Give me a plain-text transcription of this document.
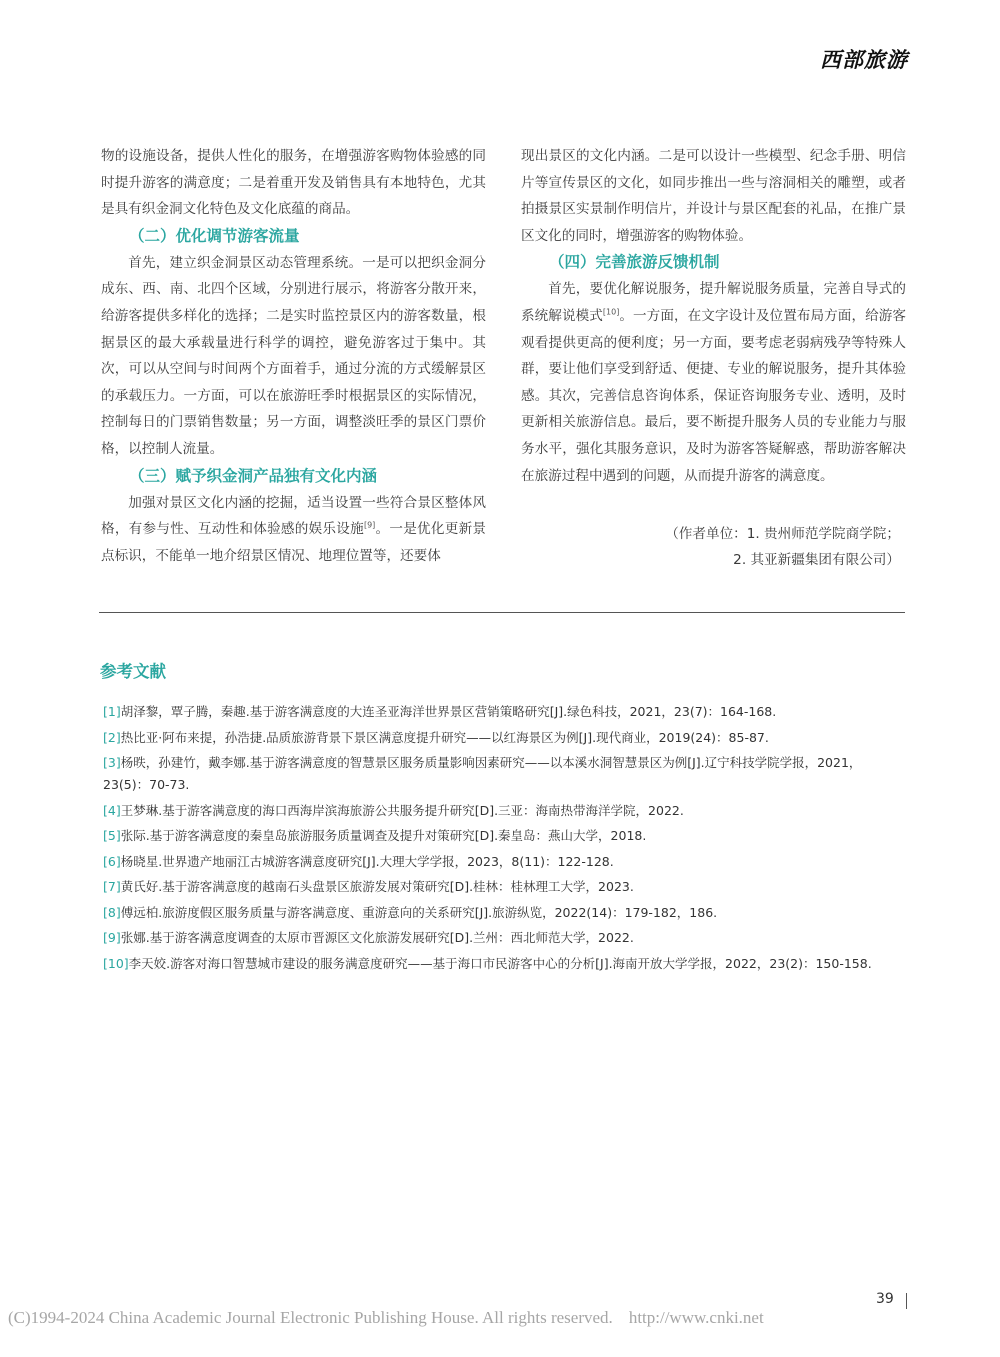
西部旅游

物的设施设备，提供人性化的服务，在增强游客购物体验感的同时提升游客的满意度；二是着重开发及销售具有本地特色，尤其是具有织金洞文化特色及文化底蕴的商品。

（二）优化调节游客流量

首先，建立织金洞景区动态管理系统。一是可以把织金洞分成东、西、南、北四个区域，分别进行展示，将游客分散开来，给游客提供多样化的选择；二是实时监控景区内的游客数量，根据景区的最大承载量进行科学的调控，避免游客过于集中。其次，可以从空间与时间两个方面着手，通过分流的方式缓解景区的承载压力。一方面，可以在旅游旺季时根据景区的实际情况，控制每日的门票销售数量；另一方面，调整淡旺季的景区门票价格，以控制人流量。

（三）赋予织金洞产品独有文化内涵

加强对景区文化内涵的挖掘，适当设置一些符合景区整体风格，有参与性、互动性和体验感的娱乐设施[9]。一是优化更新景点标识，不能单一地介绍景区情况、地理位置等，还要体

现出景区的文化内涵。二是可以设计一些模型、纪念手册、明信片等宣传景区的文化，如同步推出一些与溶洞相关的雕塑，或者拍摄景区实景制作明信片，并设计与景区配套的礼品，在推广景区文化的同时，增强游客的购物体验。

（四）完善旅游反馈机制

首先，要优化解说服务，提升解说服务质量，完善自导式的系统解说模式[10]。一方面，在文字设计及位置布局方面，给游客观看提供更高的便利度；另一方面，要考虑老弱病残孕等特殊人群，要让他们享受到舒适、便捷、专业的解说服务，提升其体验感。其次，完善信息咨询体系，保证咨询服务专业、透明，及时更新相关旅游信息。最后，要不断提升服务人员的专业能力与服务水平，强化其服务意识，及时为游客答疑解惑，帮助游客解决在旅游过程中遇到的问题，从而提升游客的满意度。

（作者单位：1. 贵州师范学院商学院；
2. 其亚新疆集团有限公司）
参考文献
[1]胡泽黎，覃子腾，秦趣.基于游客满意度的大连圣亚海洋世界景区营销策略研究[J].绿色科技，2021，23(7)：164-168.
[2]热比亚·阿布来提，孙浩捷.品质旅游背景下景区满意度提升研究——以红海景区为例[J].现代商业，2019(24)：85-87.
[3]杨昳，孙建竹，戴李娜.基于游客满意度的智慧景区服务质量影响因素研究——以本溪水洞智慧景区为例[J].辽宁科技学院学报，2021，23(5)：70-73.
[4]王梦琳.基于游客满意度的海口西海岸滨海旅游公共服务提升研究[D].三亚：海南热带海洋学院，2022.
[5]张际.基于游客满意度的秦皇岛旅游服务质量调查及提升对策研究[D].秦皇岛：燕山大学，2018.
[6]杨晓星.世界遗产地丽江古城游客满意度研究[J].大理大学学报，2023，8(11)：122-128.
[7]黄氏好.基于游客满意度的越南石头盘景区旅游发展对策研究[D].桂林：桂林理工大学，2023.
[8]傅远柏.旅游度假区服务质量与游客满意度、重游意向的关系研究[J].旅游纵览，2022(14)：179-182，186.
[9]张娜.基于游客满意度调查的太原市晋源区文化旅游发展研究[D].兰州：西北师范大学，2022.
[10]李天姣.游客对海口智慧城市建设的服务满意度研究——基于海口市民游客中心的分析[J].海南开放大学学报，2022，23(2)：150-158.
39
(C)1994-2024 China Academic Journal Electronic Publishing House. All rights reserved. http://www.cnki.net
